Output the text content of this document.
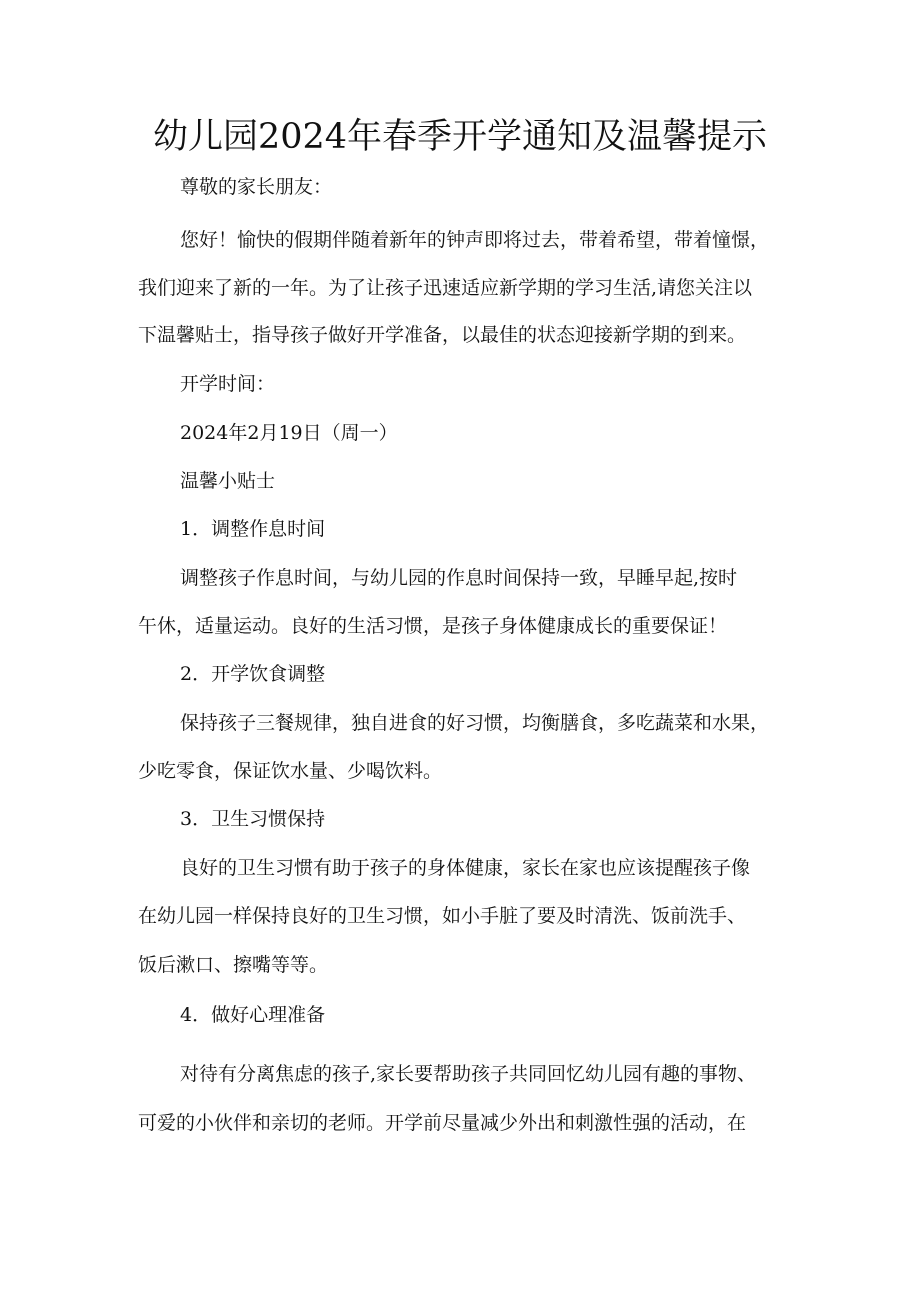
幼儿园2024年春季开学通知及温馨提示
尊敬的家长朋友：
您好！愉快的假期伴随着新年的钟声即将过去，带着希望，带着憧憬，
我们迎来了新的一年。为了让孩子迅速适应新学期的学习生活,请您关注以
下温馨贴士，指导孩子做好开学准备，以最佳的状态迎接新学期的到来。
开学时间：
2024年2月19日（周一）
温馨小贴士
1．调整作息时间
调整孩子作息时间，与幼儿园的作息时间保持一致，早睡早起,按时
午休，适量运动。良好的生活习惯，是孩子身体健康成长的重要保证！
2．开学饮食调整
保持孩子三餐规律，独自进食的好习惯，均衡膳食，多吃蔬菜和水果，
少吃零食，保证饮水量、少喝饮料。
3．卫生习惯保持
良好的卫生习惯有助于孩子的身体健康，家长在家也应该提醒孩子像
在幼儿园一样保持良好的卫生习惯，如小手脏了要及时清洗、饭前洗手、
饭后漱口、擦嘴等等。
4．做好心理准备
对待有分离焦虑的孩子,家长要帮助孩子共同回忆幼儿园有趣的事物、
可爱的小伙伴和亲切的老师。开学前尽量减少外出和刺激性强的活动，在
